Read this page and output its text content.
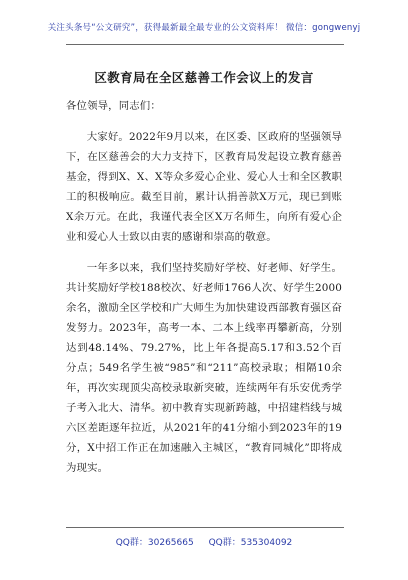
关注头条号“公文研究”，获得最新最全最专业的公文资料库！ 微信：gongwenyj
区教育局在全区慈善工作会议上的发言

各位领导，同志们：

大家好。2022年9月以来，在区委、区政府的坚强领导下，在区慈善会的大力支持下，区教育局发起设立教育慈善基金，得到X、X、X等众多爱心企业、爱心人士和全区教职工的积极响应。截至目前，累计认捐善款X万元，现已到账X余万元。在此，我谨代表全区X万名师生，向所有爱心企业和爱心人士致以由衷的感谢和崇高的敬意。

一年多以来，我们坚持奖励好学校、好老师、好学生。共计奖励好学校188校次、好老师1766人次、好学生2000余名，激励全区学校和广大师生为加快建设西部教育强区奋发努力。2023年，高考一本、二本上线率再攀新高，分别达到48.14%、79.27%，比上年各提高5.17和3.52个百分点；549名学生被“985”和“211”高校录取；相隔10余年，再次实现顶尖高校录取新突破，连续两年有乐安优秀学子考入北大、清华。初中教育实现新跨越，中招建档线与城六区差距逐年拉近，从2021年的41分缩小到2023年的19分，X中招工作正在加速融入主城区，“教育同城化”即将成为现实。

QQ群：30265665 QQ群：535304092
